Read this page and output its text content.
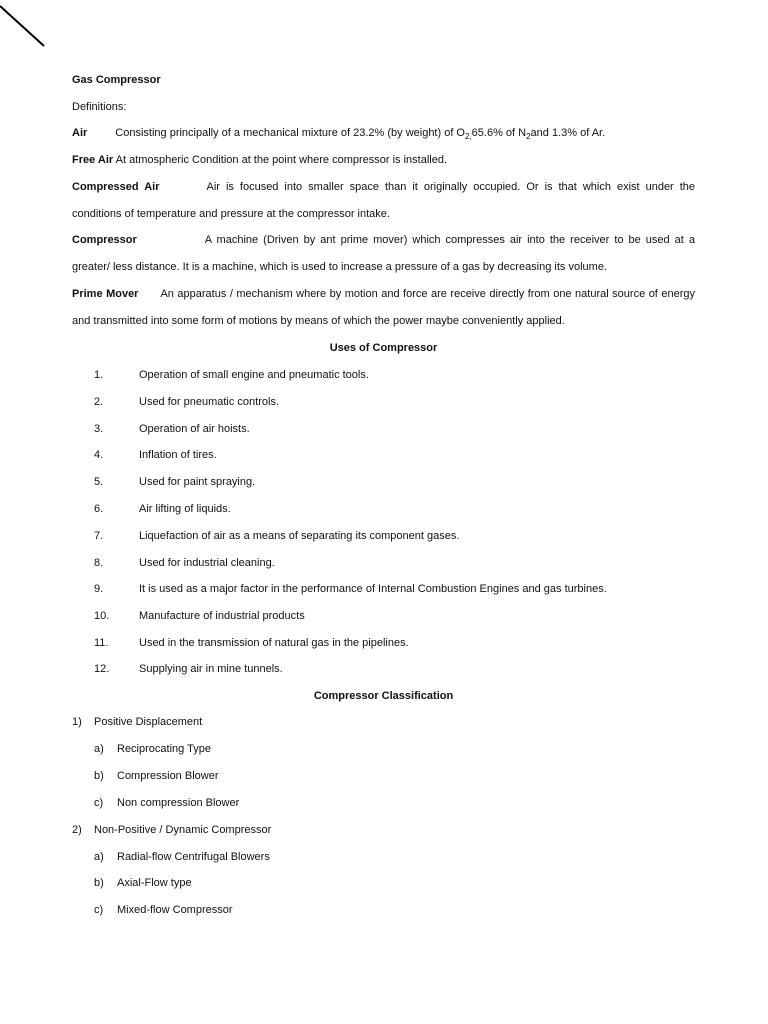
Gas Compressor
Definitions:
Air	Consisting principally of a mechanical mixture of 23.2% (by weight) of $O_{2,}65.6\%$ of $N_2and$ 1.3% of Ar.
Free Air At atmospheric Condition at the point where compressor is installed.
Compressed Air	Air is focused into smaller space than it originally occupied. Or is that which exist under the conditions of temperature and pressure at the compressor intake.
Compressor	A machine (Driven by ant prime mover) which compresses air into the receiver to be used at a greater/ less distance. It is a machine, which is used to increase a pressure of a gas by decreasing its volume.
Prime Mover An apparatus / mechanism where by motion and force are receive directly from one natural source of energy and transmitted into some form of motions by means of which the power maybe conveniently applied.
Uses of Compressor
1.	Operation of small engine and pneumatic tools.
2.	Used for pneumatic controls.
3.	Operation of air hoists.
4.	Inflation of tires.
5.	Used for paint spraying.
6.	Air lifting of liquids.
7.	Liquefaction of air as a means of separating its component gases.
8.	Used for industrial cleaning.
9.	It is used as a major factor in the performance of Internal Combustion Engines and gas turbines.
10.	Manufacture of industrial products
11.	Used in the transmission of natural gas in the pipelines.
12.	Supplying air in mine tunnels.
Compressor Classification
1) Positive Displacement
a) Reciprocating Type
b) Compression Blower
c) Non compression Blower
2) Non-Positive / Dynamic Compressor
a) Radial-flow Centrifugal Blowers
b) Axial-Flow type
c) Mixed-flow Compressor
